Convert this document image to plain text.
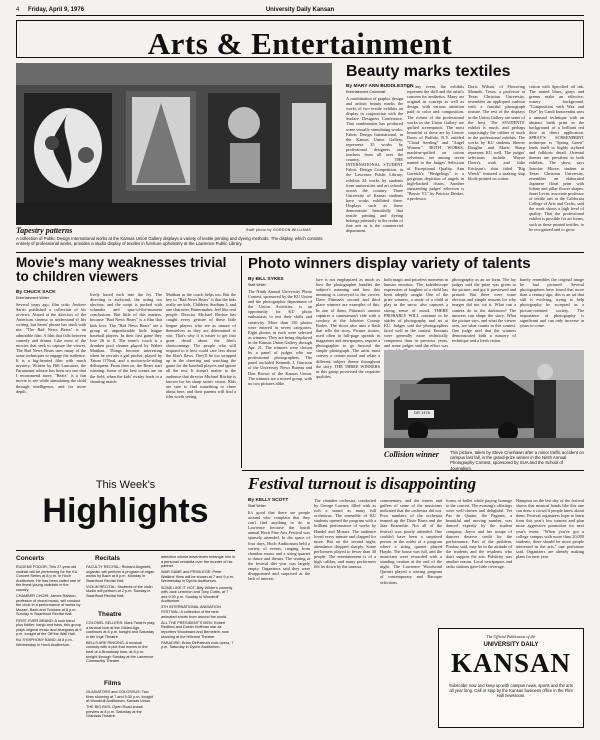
4 Friday, April 9, 1976	University Daily Kansan
Arts & Entertainment
Staff photo by GORDON WILLIAMS
Tapestry patterns
A collection of Public Design International works at the Kansas Union Gallery displays a variety of textile printing and dyeing methods. The display, which consists entirely of professional works, provides a studio display of textiles in furniture upholstery at the Lawrence Public Library.
Beauty marks textiles
By MARY ANN BUDDLESTON
Entertainment Columnist
A combination of graphic design and artistic beauty marks the works of two textile exhibits on display in conjunction with the Surface Designers Conference. That combination has produced some visually stimulating works. Fabric Design International, in the Kansas Union Gallery, represents 35 works by professional designers and teachers from all over the country. THE INTERNATIONAL STUDENT Fabric Design Competition, in the Lawrence Public Library, exhibits 24 works by students from universities and art schools across the country. Three University of Kansas students have works exhibited there. Displays such as these demonstrate beautifully that textile printing and dyeing belongs primarily in the realm of fine arts as is the commercial department.
In any event, the exhibits represent the skill and the artist's concern for aesthetics. Many are original in concept as well as design, with various attention paid to color and composition. The richest of the professional works in the Union Gallery are quilted screenprints. The most beautiful of these are by Lenore Davis of Buffalo, N.Y. entitled "Cloud Seeding" and "Angel Women." BOTH WORKS, machine-quilted on cotton velveteen, are among seven named to the Judges' Selection of Exceptional Quality. Ann Gornick's "Hedgehogs" is a gorgeous depiction of angels in high-backed chairs. Another outstanding judges' selection is "Bessie VI," by Patricia Denker, a professor.
Doris Wilson, of Flowering Mounds, Texas, a professor at Texas Christian University, resembles an appliqued cushion with a fanciful photograph texture. The rest of the displays in the Union Gallery are some of the best. The STUDENTS' exhibit is much, and perhaps surprisingly the caliber of work in the professional exhibits. The works by KU students Sherrie Douglas and Marie Sharp represent KU well, The judges' selections include Wayne Doerr's work and Julie Erickson's shirt titled "Big Wreck" featured a snaking ship block-printed on cotton.
cotton with Specified oil ink. The muted blues, grays and greens make an effective, watery background. "Composition with Wax and Dye" by Candi Innocentini uses a unusual technique with an abstract batik print in the background of a brilliant red dose in direct application. SPRAY'S SCREENPRINT technique is "Spring Green" lends itself to highly stylized and folkloric detail. Oriental themes are prevalent in both exhibits. The show, says Jaroslav Moore, student at Texas Christian University, resembles an elaborated Japanese floral print with foliate and pillar flower shapes. Janet Levin, associate professor of textile arts at the California College of Arts and Crafts, said the work shows a high level of quality. That the professional exhibit is possible for art forms, such as these printed textiles, to be recognized and to grow.
Movie's many weaknesses trivial to children viewers
By CHUCK SACK
Entertainment Writer
Several years ago, film critic Andrew Sarris published a collection of his reviews. Aimed at the directors of the American cinema to understand if his writing, but Sarris' phrase has stuck with me: "The Bad News Bears" is an admirable film. A film that falls between comedy and drama. Like most of the movies that seek to capture the viewer, The Bad News Bears uses many of the same techniques to engage the audience. It is a big-hearted film with much mystery. Written by Bill Lancaster, the Paramount release has been not one that I recommend more, "Bears" is a fun movie to see while stimulating the child through intelligence, and for more depth.
lively based each into the fry. The directing is awkward, the acting too obvious, and the script is packed with schmaltz and spur-of-the-moment conclusions. But little of this matters, because "Bad News Bears" is a film that kids love. The "Bad News Bears" are a group of unpredictable little league baseball players. In their first game they lose 26 to 0. The team's coach is a drunken pool cleaner played by Walter Matthau. Things become interesting when he recruits a girl pitcher, played by Tatum O'Neal, and a motorcycle-riding delinquent. From then on, the Bears start winning. Some of the best scenes are on the field, when the kids' rivalry leads to a shouting match.
Matthau as the coach helps too. But the key to "Bad News Bears" is that the kids really are kids. Children, Stadium 3, and one character, Buttermaker, feel like real people. Director Michael Ritchie has caught every gesture of these little league players who are as unsure of themselves as they are determined to win. That's why it is easier to get into great detail about the film's shortcomings. The people who will respond to it best could care less about the film's flaws. They'll be too wrapped up in the cheering and watching the game for the baseball players and ignore all the rest. It doesn't matter to the audience that director Michael Ritchie is known for his sharp satiric vision. Kids are sure to find something to cheer about here, and their parents will find a film worth seeing.
Photo winners display variety of talents
By BILL SYKES
Staff Writer
The Ninth Annual University Photo Contest, sponsored by the KU Union and the photographic department of the Union Activities, is an opportunity for KU photo enthusiasts to test their skills and creativity. More than 150 photos were entered in seven categories. Eight photos in each were selected as winners. They are being displayed in the Kansas Union Gallery through Apr. 21. The winners were chosen by a panel of judges who are professional photographers. The panel included Kenneth J. Garrison of the University News Bureau and Don Brown of the Kansas Union. The winners are a mixed group, with no two pictures alike.
lure is not emphasized as much as how the photographer handles the subject's meaning and how this meaning is conveyed to the viewer. Dave Pittman's second and third place winners are examples of this. In one of them, Pittman's camera captures a cameraman's ride with a cowboy at the Johnson County Rodeo. The shoot also uses a flash that tells the story. Picture stories, used often in full-page spreads in magazines and newspapers, require a photographer to go beyond the simple photograph. The artist must convey a certain mood and relate a different subject theme throughout the story. THE THREE WINNERS in this group possessed the requisite qualities.
both magic and priceless moments in human emotion. The kaleidoscope expression of laughter of a child has been adeptly caught. One of the prize winners, a study of a child at play in the snow, also captures a strong sense of mood. THERE PROBABLY WILL continue to be strides of photography and art at KU. Judges said the photographers fared well in the contest. Entrants were generally more technically competent than in previous years, and some judges said the effort was
photography as an art form. The lay judges said the prize was given to the picture, and got it previewed and praised. But there were some obvious and simple reasons for why images did not cut it. What can a camera do in the darkroom? The answers can shape the story. What the picture says, and what the viewer sees, are what counts in this contest. One judge said that the winners demonstrated both a mastery of technique and a fresh vision.
barely resembles the original image he had pictured. Several photographers have found that more than a century ago, this is an art that still is evolving, trying to help photography be accepted as a picture-oriented society. The importance of photography is significant and can only increase in years to come.
DR 1476
Collision winner	This picture, taken by Steve Cronhawn after a minor traffic accident on campus last fall, is the grand-prize winner in the Ninth Annual Photography Contest, sponsored by SUA and the School of Journalism.
This Week's
Highlights
Concerts

EUGENE FODOR: This 27-year-old violinist will be performing for the KU Concert Series at 8 p.m. in Hoch Auditorium. He has been called one of the finest young violinists in the country.

CHAMBER CHOIR: James Ralston, professor of choral music, will conduct the choir in a performance of works by Mozart, Bach and Tomkins at 8 p.m. Sunday in Swarthout Recital Hall.

FIRST EVER BRAND: A rock band plus fiddler, banjo and bass, this group plays original music and bluegrass at 9 p.m. tonight at the Off the Wall Hall.

KU SYMPHONY BAND: At 8 p.m. Wednesday in Hoch Auditorium.

Recitals

FACULTY RECITAL: Richard Angeletti, organist, will perform a program of organ works by Bach at 8 p.m. Monday in Swarthout Recital Hall.

VIOLIN RECITAL: Students of the violin studio will perform at 2 p.m. Sunday in Swarthout Recital Hall.

Theatre

COLONEL SELLERS: Mark Twain's play, a farcical look at the Gilded Age, continues at 8 p.m. tonight and Saturday in the Inge Theatre.

BELLS ARE RINGING: A musical comedy with a plot that moves to the beat of a Broadway tune, at 8 p.m. tonight through Sunday at the Lawrence Community Theatre.

Films

GLADIATORS and COLOSSUS: Two films showing at 7 and 9:30 p.m. tonight at Woodruff Auditorium, Kansas Union.

THE BIG BUS: Open Road sneak preview at 8 p.m. Saturday at the Granada Theatre.

detective whose adventures entangle him in a personal vendetta over the murder of his partner.

WAR GAME and PRIVILEGE: Peter Watkins' films will be shown at 7 and 9 p.m. Wednesday in Dyche Auditorium.

SOME LIKE IT HOT: Billy Wilder's comedy with Jack Lemmon and Tony Curtis, at 7 and 9:30 p.m. Sunday in Woodruff Auditorium.

5TH INTERNATIONAL ANIMATION FESTIVAL: A collection of the best animated shorts from around the world.

ALL THE PRESIDENT'S MEN: Robert Redford and Dustin Hoffman star as reporters Woodward and Bernstein, now showing at the Hillcrest Theatre.

PARADISE: Brian DePalma's rock opera, 7 p.m. Saturday in Dyche Auditorium.

Festival turnout is disappointing
By KELLY SCOTT
Staff Writer
It's good that there are people around who complain that they can't find anything to do in Lawrence because the fourth annual Hoch Fine Arts Festival was sparsely attended. In the space of four days, Hoch Auditorium held a variety of events, ranging from chamber music and a string quartet to dance and theater. The seating at the festival this year was largely empty. Organizers said they were disappointed and surprised at the lack of interest.
The chamber orchestra, conducted by George Lawner, filled with as rich a sound as many full orchestras. The ensemble of KU students opened the program with a brilliant performance of works by Handel and Mozart. The audience loved every minute and clapped for more. But on the second night, attendance dropped sharply. Some performers played to fewer than 30 people. The entertainment is of a high caliber, and many performers felt let down by the turnout.
commentary, and the timers and gaffers of some of the musicians indicated that the orchestra did not. Poor numbers of the orchestra teamed up the Dixie Brass and the Jazz Ensemble. Not all of the festival was poorly attended. One couldn't have been a surprised person in the midst of a program where a string quartet played Haydn. The house was full, and the musicians were rewarded with a standing ovation at the end of the night. The Lawrence Woodwind Quintet played a stirring program of contemporary and Baroque selections.
forms of ballet while paying homage to the concert. The evening's offerings were well-chosen and delightful. Yet Pas de Quatre, the Pageant, a beautiful and moving number, was danced expertly by the student company. Joyce and her troupe of dancers deserve credit for the performance. Part of the problem, Ponlaw said, may be in the attitude of the students and the residents who don't support the arts. Publicity was another reason. Local newspapers and radio stations gave little coverage.
Hampton on the last day of the festival shows that musical bands like this one can draw a crowd if people know about them. Festival organizers hope to learn from this year's low turnout and plan more aggressive promotion for next year's event. "When you've got a college campus with more than 20,000 students, there should be more people interested in the arts," one performer said. Organizers are already making plans for next year.
The Official Publication of the
UNIVERSITY DAILY
KANSAN
Subscribe now and keep up with campus news, sports and the arts all year long. Call or stop by the Kansan business office in the Flint Hall newsroom.
